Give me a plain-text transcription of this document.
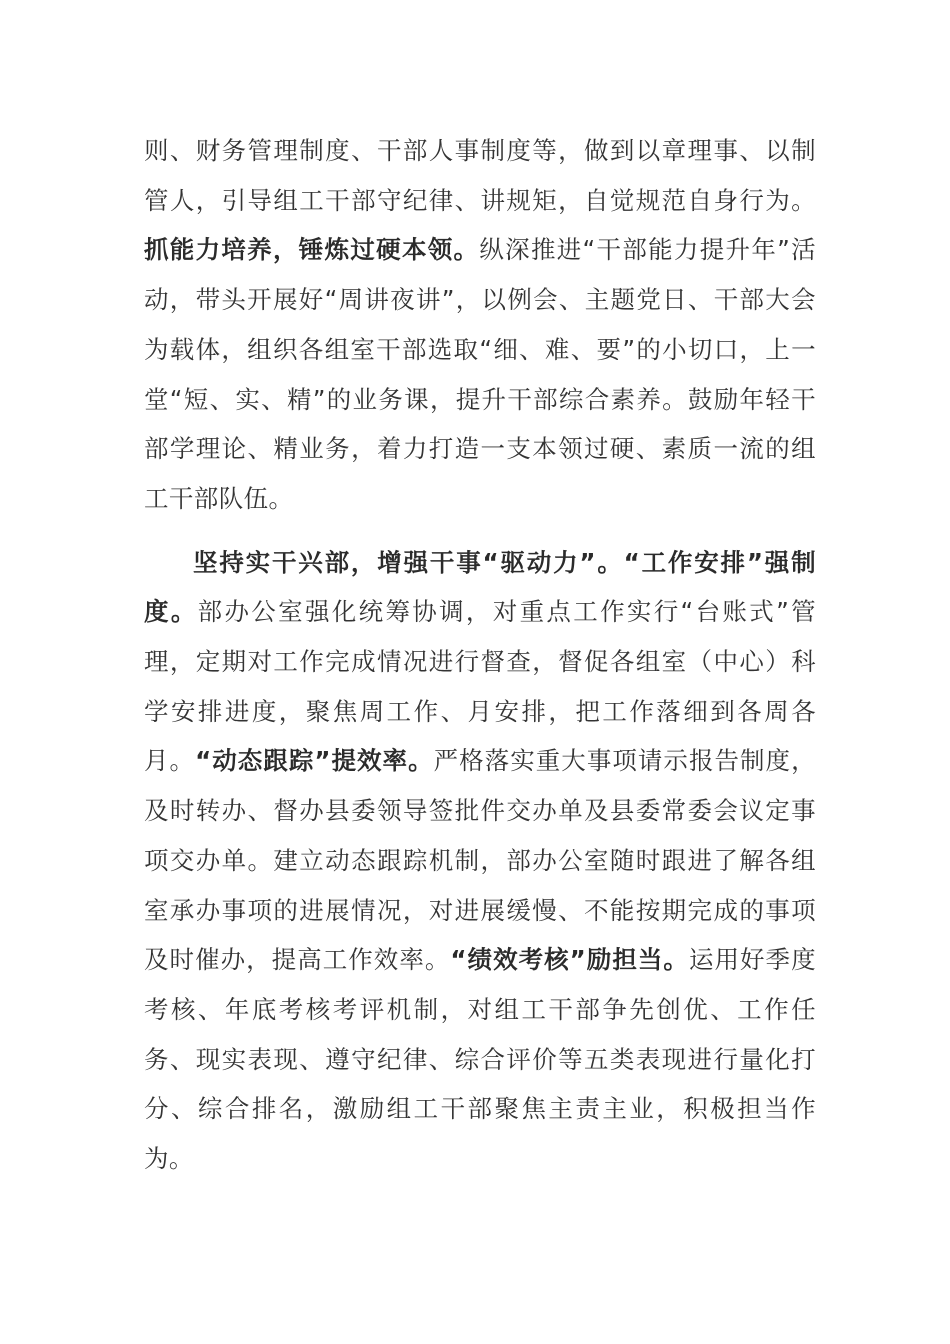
则、财务管理制度、干部人事制度等，做到以章理事、以制管人，引导组工干部守纪律、讲规矩，自觉规范自身行为。抓能力培养，锤炼过硬本领。纵深推进“干部能力提升年”活动，带头开展好“周讲夜讲”，以例会、主题党日、干部大会为载体，组织各组室干部选取“细、难、要”的小切口，上一堂“短、实、精”的业务课，提升干部综合素养。鼓励年轻干部学理论、精业务，着力打造一支本领过硬、素质一流的组工干部队伍。

坚持实干兴部，增强干事“驱动力”。“工作安排”强制度。部办公室强化统筹协调，对重点工作实行“台账式”管理，定期对工作完成情况进行督查，督促各组室（中心）科学安排进度，聚焦周工作、月安排，把工作落细到各周各月。“动态跟踪”提效率。严格落实重大事项请示报告制度，及时转办、督办县委领导签批件交办单及县委常委会议定事项交办单。建立动态跟踪机制，部办公室随时跟进了解各组室承办事项的进展情况，对进展缓慢、不能按期完成的事项及时催办，提高工作效率。“绩效考核”励担当。运用好季度考核、年底考核考评机制，对组工干部争先创优、工作任务、现实表现、遵守纪律、综合评价等五类表现进行量化打分、综合排名，激励组工干部聚焦主责主业，积极担当作为。
